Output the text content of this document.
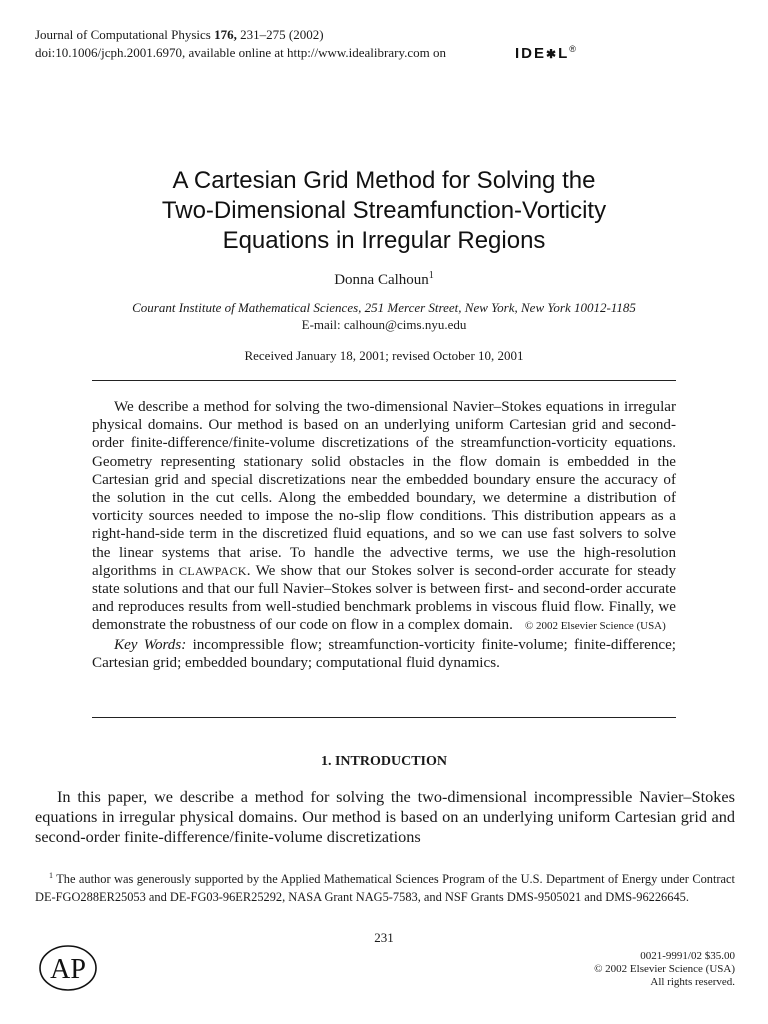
Journal of Computational Physics 176, 231–275 (2002)
doi:10.1006/jcph.2001.6970, available online at http://www.idealibrary.com on	IDE✱L®
A Cartesian Grid Method for Solving the
Two-Dimensional Streamfunction-Vorticity
Equations in Irregular Regions
Donna Calhoun$^1$
Courant Institute of Mathematical Sciences, 251 Mercer Street, New York, New York 10012-1185
E-mail: calhoun@cims.nyu.edu
Received January 18, 2001; revised October 10, 2001

We describe a method for solving the two-dimensional Navier–Stokes equations in irregular physical domains. Our method is based on an underlying uniform Cartesian grid and second-order finite-difference/finite-volume discretizations of the streamfunction-vorticity equations. Geometry representing stationary solid obstacles in the flow domain is embedded in the Cartesian grid and special discretizations near the embedded boundary ensure the accuracy of the solution in the cut cells. Along the embedded boundary, we determine a distribution of vorticity sources needed to impose the no-slip flow conditions. This distribution appears as a right-hand-side term in the discretized fluid equations, and so we can use fast solvers to solve the linear systems that arise. To handle the advective terms, we use the high-resolution algorithms in CLAWPACK. We show that our Stokes solver is second-order accurate for steady state solutions and that our full Navier–Stokes solver is between first- and second-order accurate and reproduces results from well-studied benchmark problems in viscous fluid flow. Finally, we demonstrate the robustness of our code on flow in a complex domain. © 2002 Elsevier Science (USA)

Key Words: incompressible flow; streamfunction-vorticity finite-volume; finite-difference; Cartesian grid; embedded boundary; computational fluid dynamics.

1. INTRODUCTION

In this paper, we describe a method for solving the two-dimensional incompressible Navier–Stokes equations in irregular physical domains. Our method is based on an underlying uniform Cartesian grid and second-order finite-difference/finite-volume discretizations

$^1$ The author was generously supported by the Applied Mathematical Sciences Program of the U.S. Department of Energy under Contract DE-FGO288ER25053 and DE-FG03-96ER25292, NASA Grant NAG5-7583, and NSF Grants DMS-9505021 and DMS-96226645.

231
AP	0021-9991/02 $35.00
© 2002 Elsevier Science (USA)
All rights reserved.
